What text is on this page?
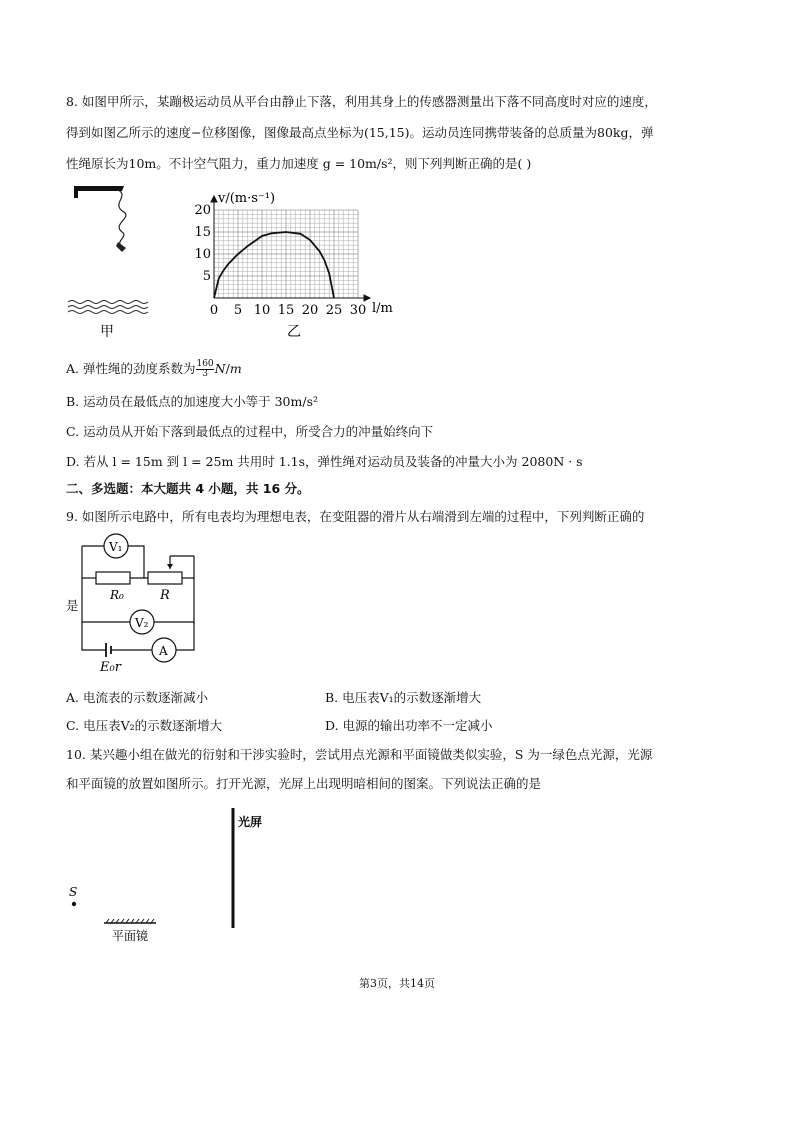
8. 如图甲所示，某蹦极运动员从平台由静止下落，利用其身上的传感器测量出下落不同高度时对应的速度，
得到如图乙所示的速度−位移图像，图像最高点坐标为(15,15)。运动员连同携带装备的总质量为80kg，弹
性绳原长为10m。不计空气阻力，重力加速度 g = 10m/s²，则下列判断正确的是( )
甲
0 5 10 15 20 25 30
5
10
15
20
v/(m·s⁻¹)
l/m
乙
A. 弹性绳的劲度系数为 $\frac{160}{3} N/m$
B. 运动员在最低点的加速度大小等于 30m/s²
C. 运动员从开始下落到最低点的过程中，所受合力的冲量始终向下
D. 若从 l = 15m 到 l = 25m 共用时 1.1s，弹性绳对运动员及装备的冲量大小为 2080N · s
二、多选题：本大题共 4 小题，共 16 分。
9. 如图所示电路中，所有电表均为理想电表，在变阻器的滑片从右端滑到左端的过程中，下列判断正确的
V₁
V₂
A
R₀	R
E₀r
是
A. 电流表的示数逐渐减小	B. 电压表V₁的示数逐渐增大
C. 电压表V₂的示数逐渐增大	D. 电源的输出功率不一定减小
10. 某兴趣小组在做光的衍射和干涉实验时，尝试用点光源和平面镜做类似实验，S 为一绿色点光源，光源
和平面镜的放置如图所示。打开光源，光屏上出现明暗相间的图案。下列说法正确的是
光屏
S
平面镜
第3页，共14页
